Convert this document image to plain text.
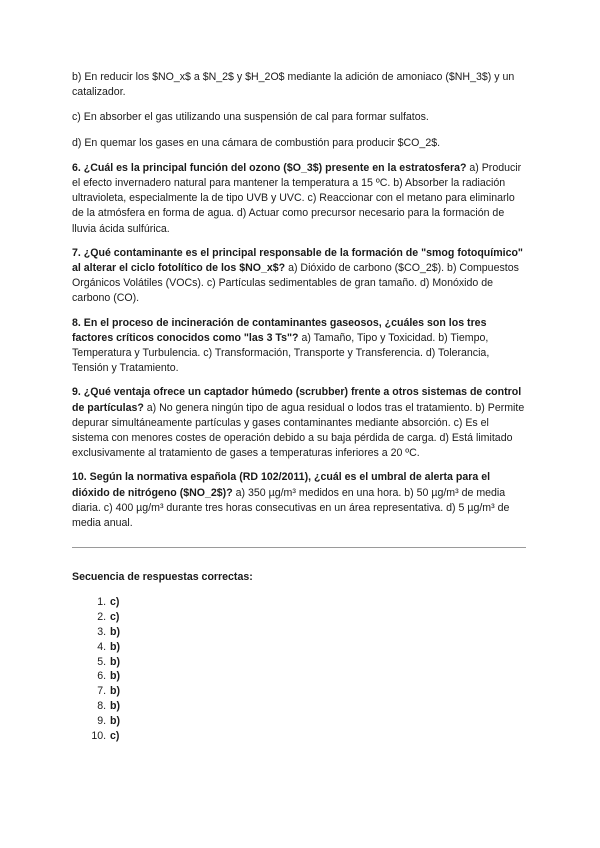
b) En reducir los $NO_x$ a $N_2$ y $H_2O$ mediante la adición de amoniaco ($NH_3$) y un catalizador.

c) En absorber el gas utilizando una suspensión de cal para formar sulfatos.

d) En quemar los gases en una cámara de combustión para producir $CO_2$.

6. ¿Cuál es la principal función del ozono ($O_3$) presente en la estratosfera? a) Producir el efecto invernadero natural para mantener la temperatura a 15 ºC. b) Absorber la radiación ultravioleta, especialmente la de tipo UVB y UVC. c) Reaccionar con el metano para eliminarlo de la atmósfera en forma de agua. d) Actuar como precursor necesario para la formación de lluvia ácida sulfúrica.

7. ¿Qué contaminante es el principal responsable de la formación de "smog fotoquímico" al alterar el ciclo fotolítico de los $NO_x$? a) Dióxido de carbono ($CO_2$). b) Compuestos Orgánicos Volátiles (VOCs). c) Partículas sedimentables de gran tamaño. d) Monóxido de carbono (CO).

8. En el proceso de incineración de contaminantes gaseosos, ¿cuáles son los tres factores críticos conocidos como "las 3 Ts"? a) Tamaño, Tipo y Toxicidad. b) Tiempo, Temperatura y Turbulencia. c) Transformación, Transporte y Transferencia. d) Tolerancia, Tensión y Tratamiento.

9. ¿Qué ventaja ofrece un captador húmedo (scrubber) frente a otros sistemas de control de partículas? a) No genera ningún tipo de agua residual o lodos tras el tratamiento. b) Permite depurar simultáneamente partículas y gases contaminantes mediante absorción. c) Es el sistema con menores costes de operación debido a su baja pérdida de carga. d) Está limitado exclusivamente al tratamiento de gases a temperaturas inferiores a 20 ºC.

10. Según la normativa española (RD 102/2011), ¿cuál es el umbral de alerta para el dióxido de nitrógeno ($NO_2$)? a) 350 µg/m³ medidos en una hora. b) 50 µg/m³ de media diaria. c) 400 µg/m³ durante tres horas consecutivas en un área representativa. d) 5 µg/m³ de media anual.

Secuencia de respuestas correctas:
1. c)
2. c)
3. b)
4. b)
5. b)
6. b)
7. b)
8. b)
9. b)
10. c)
